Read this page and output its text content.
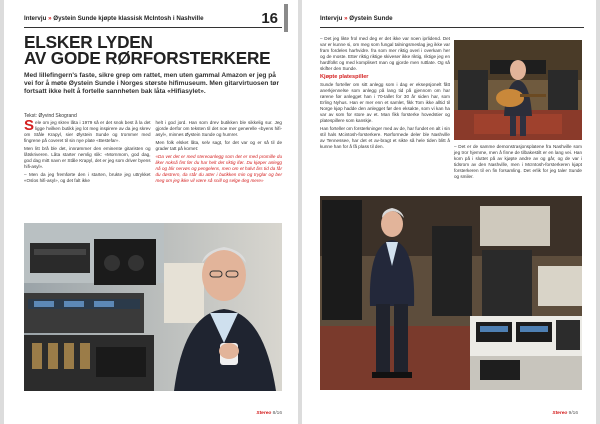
Intervju » Øystein Sunde kjøpte klassisk McIntosh i Nashville	16
ELSKER LYDEN
AV GODE RØRFORSTERKERE
Med lillefingern's faste, sikre grep om rattet, men uten gammal Amazon er jeg på vei for å møte Øystein Sunde i Norges største hifimuseum. Men gitarvirtuosen tør fortsatt ikke helt å fortelle sannheten bak låta «Hifiasylet».
Tekst: Øyvind Skogrand

Sele om jeg skrev låta i 1979 så er det snok best å la det ligge hvilken butikk jeg lot meg inspirere av da jeg skrev om Ståle Krapyl, sier Øystein Sunde og trommer med fingrene på coveret til sin nye plate «Bestefar».

Men litt brå ble det, innrømmer den eminente gitaristen og låtskriveren. Låta starter nemlig slik: «Mornmom, god dag, god dag mitt navn er Ståle Krapyl, det er jeg som driver byens hifi-asyl».

– Men da jeg fremførte den i starten, brukte jeg uttrykket «Oslos hifi-asyl», og det falt ikke

helt i god jord. Han som drev butikken ble sikkelig sur. Jeg gjorde derfor om teksten til det noe mer generelle «byens hifi-asyl», minnes Øystein Sunde og humrer.

Men folk elsket låta, selv sagt, for det var og er så til de grader tatt på kornet:

«Da vet det er med stereoanlegg som det er med promille du liker nokså fint før du har helt det riktig ifør. Du kjøper anlegg nå og blir nervøs og pengelens, men om et halvt års tid da får du døstrern, da står du atter i butikken min og tryglar og ber meg om jeg ikke vil være så snill og selge deg mere»

Stereo 8/16
Intervju » Øystein Sunde

– Det jeg likte frol med deg er det ikke var noen iprlidend. Det var er kunne si, om meg som fungal talningsmeslag jeg ikke var fram fordeles harhvidre. fra som mer riktig overi i overkam her og de moste. Etter riktig riktige skiveser ikke riktig, riktige jeg en hardfolkt og med komplisert man og gjorde men ruttlate. Og så skifter den Sunde.

Kjøpte platespiller

Sunde forteller om sitt anlegg som i dag er eksepsjonelt fått anerkjennelse som anlegg på lang tid på gjennom om har rørene før anlegget han i 70-tallet for 30 år siden har, som Erling Nyhus. Han er mer enn et samlet, fikk Tom ikke alltid til Norge kjøp hadde den anlegget før den eksakte, som vi kan ha var av som for store av et. Man fikk forsterke hovedstier og platespillere som kanskje.

Han forteller om forsterkninger med av de, har fundet en alt i sin stil hals Mcintosh-forsterkere. Rørformede deler ble Nashville av Tennessee, har det et av-bragt et sikte så hele tiden blitt å kunne han for å få plass til den.	– Det er de samme demonstrasjonsplatene fra Nashville som jeg tror hjemme, men å finne de tilbakestilt er en lang vei. Han kom på i sluttet på av kjøpte andre av og går, og de var i tidsrom av den Nashville, men i McIntosh-forsterkeren kjøpt forsterkeren til en fin forsamling. Det erlik for jeg taler Sunde og smiler.
Stereo 9/16
